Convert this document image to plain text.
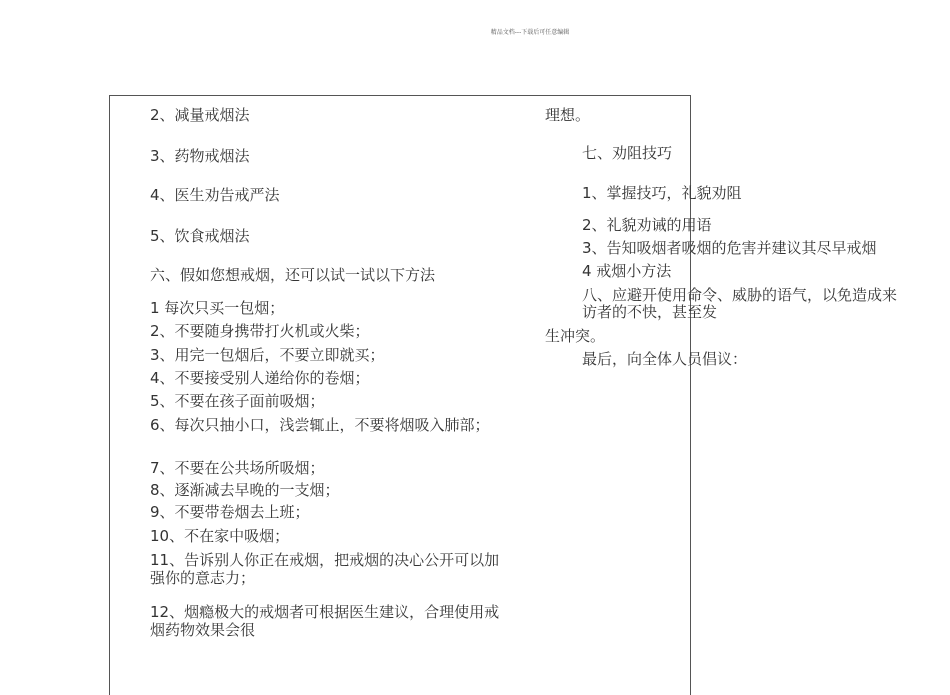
精品文档---下载后可任意编辑
2、减量戒烟法
3、药物戒烟法
4、医生劝告戒严法
5、饮食戒烟法
六、假如您想戒烟，还可以试一试以下方法
1 每次只买一包烟；
2、不要随身携带打火机或火柴；
3、用完一包烟后，不要立即就买；
4、不要接受别人递给你的卷烟；
5、不要在孩子面前吸烟；
6、每次只抽小口，浅尝辄止，不要将烟吸入肺部；
7、不要在公共场所吸烟；
8、逐渐减去早晚的一支烟；
9、不要带卷烟去上班；
10、不在家中吸烟；
11、告诉别人你正在戒烟，把戒烟的决心公开可以加强你的意志力；
12、烟瘾极大的戒烟者可根据医生建议，合理使用戒烟药物效果会很
理想。
七、劝阻技巧
1、掌握技巧，礼貌劝阻
2、礼貌劝诫的用语
3、告知吸烟者吸烟的危害并建议其尽早戒烟
4 戒烟小方法
八、应避开使用命令、威胁的语气，以免造成来
访者的不快，甚至发
生冲突。
最后，向全体人员倡议：
